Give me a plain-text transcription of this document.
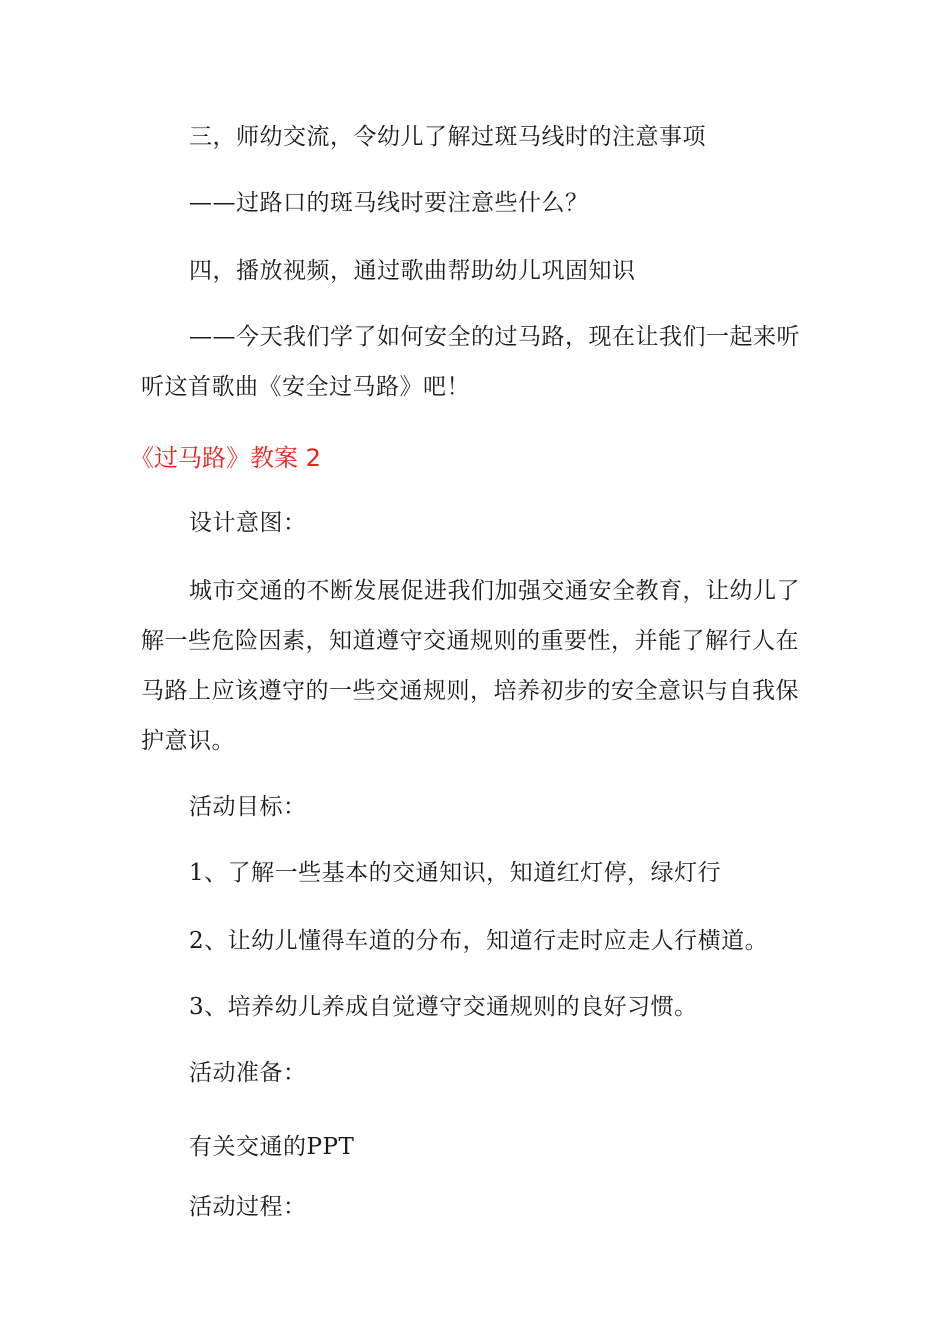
三，师幼交流，令幼儿了解过斑马线时的注意事项
——过路口的斑马线时要注意些什么？
四，播放视频，通过歌曲帮助幼儿巩固知识
——今天我们学了如何安全的过马路，现在让我们一起来听
听这首歌曲《安全过马路》吧！
《过马路》教案 2
设计意图：
城市交通的不断发展促进我们加强交通安全教育，让幼儿了
解一些危险因素，知道遵守交通规则的重要性，并能了解行人在
马路上应该遵守的一些交通规则，培养初步的安全意识与自我保
护意识。
活动目标：
1、了解一些基本的交通知识，知道红灯停，绿灯行
2、让幼儿懂得车道的分布，知道行走时应走人行横道。
3、培养幼儿养成自觉遵守交通规则的良好习惯。
活动准备：
有关交通的PPT
活动过程：
